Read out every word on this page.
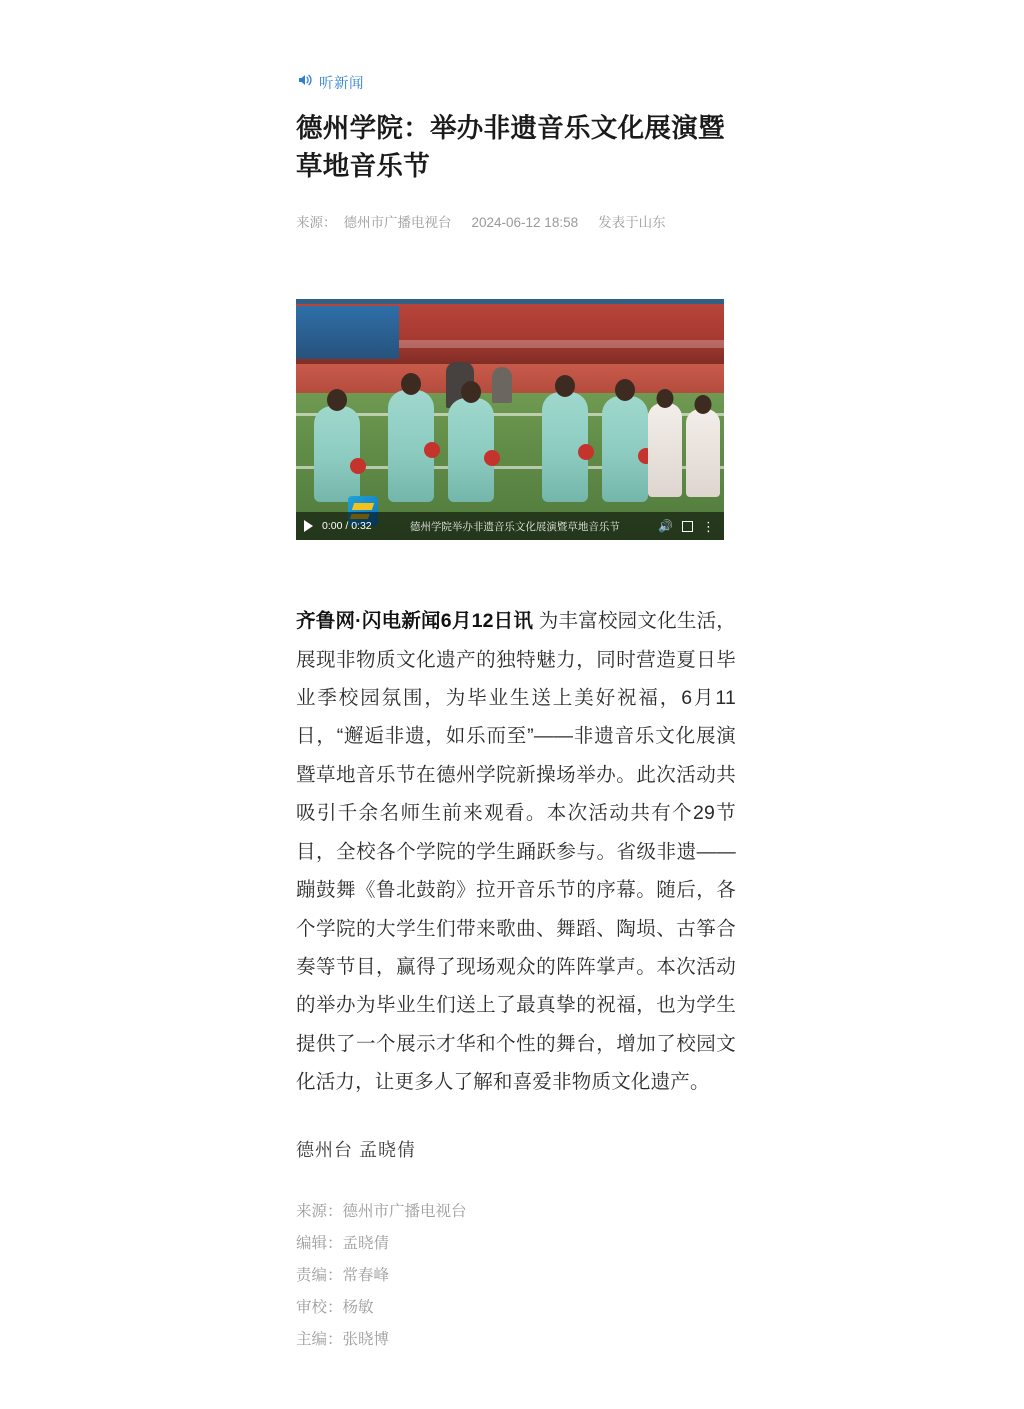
听新闻
德州学院：举办非遗音乐文化展演暨草地音乐节
来源： 德州市广播电视台 2024-06-12 18:58 发表于山东
0:00 / 0:32	德州学院举办非遗音乐文化展演暨草地音乐节	🔊 ⋮
齐鲁网·闪电新闻6月12日讯 为丰富校园文化生活，展现非物质文化遗产的独特魅力，同时营造夏日毕业季校园氛围，为毕业生送上美好祝福，6月11日，“邂逅非遗，如乐而至”——非遗音乐文化展演暨草地音乐节在德州学院新操场举办。此次活动共吸引千余名师生前来观看。本次活动共有个29节目，全校各个学院的学生踊跃参与。省级非遗——蹦鼓舞《鲁北鼓韵》拉开音乐节的序幕。随后，各个学院的大学生们带来歌曲、舞蹈、陶埙、古筝合奏等节目，赢得了现场观众的阵阵掌声。本次活动的举办为毕业生们送上了最真挚的祝福，也为学生提供了一个展示才华和个性的舞台，增加了校园文化活力，让更多人了解和喜爱非物质文化遗产。
德州台 孟晓倩
来源：德州市广播电视台
编辑：孟晓倩
责编：常春峰
审校：杨敏
主编：张晓博
